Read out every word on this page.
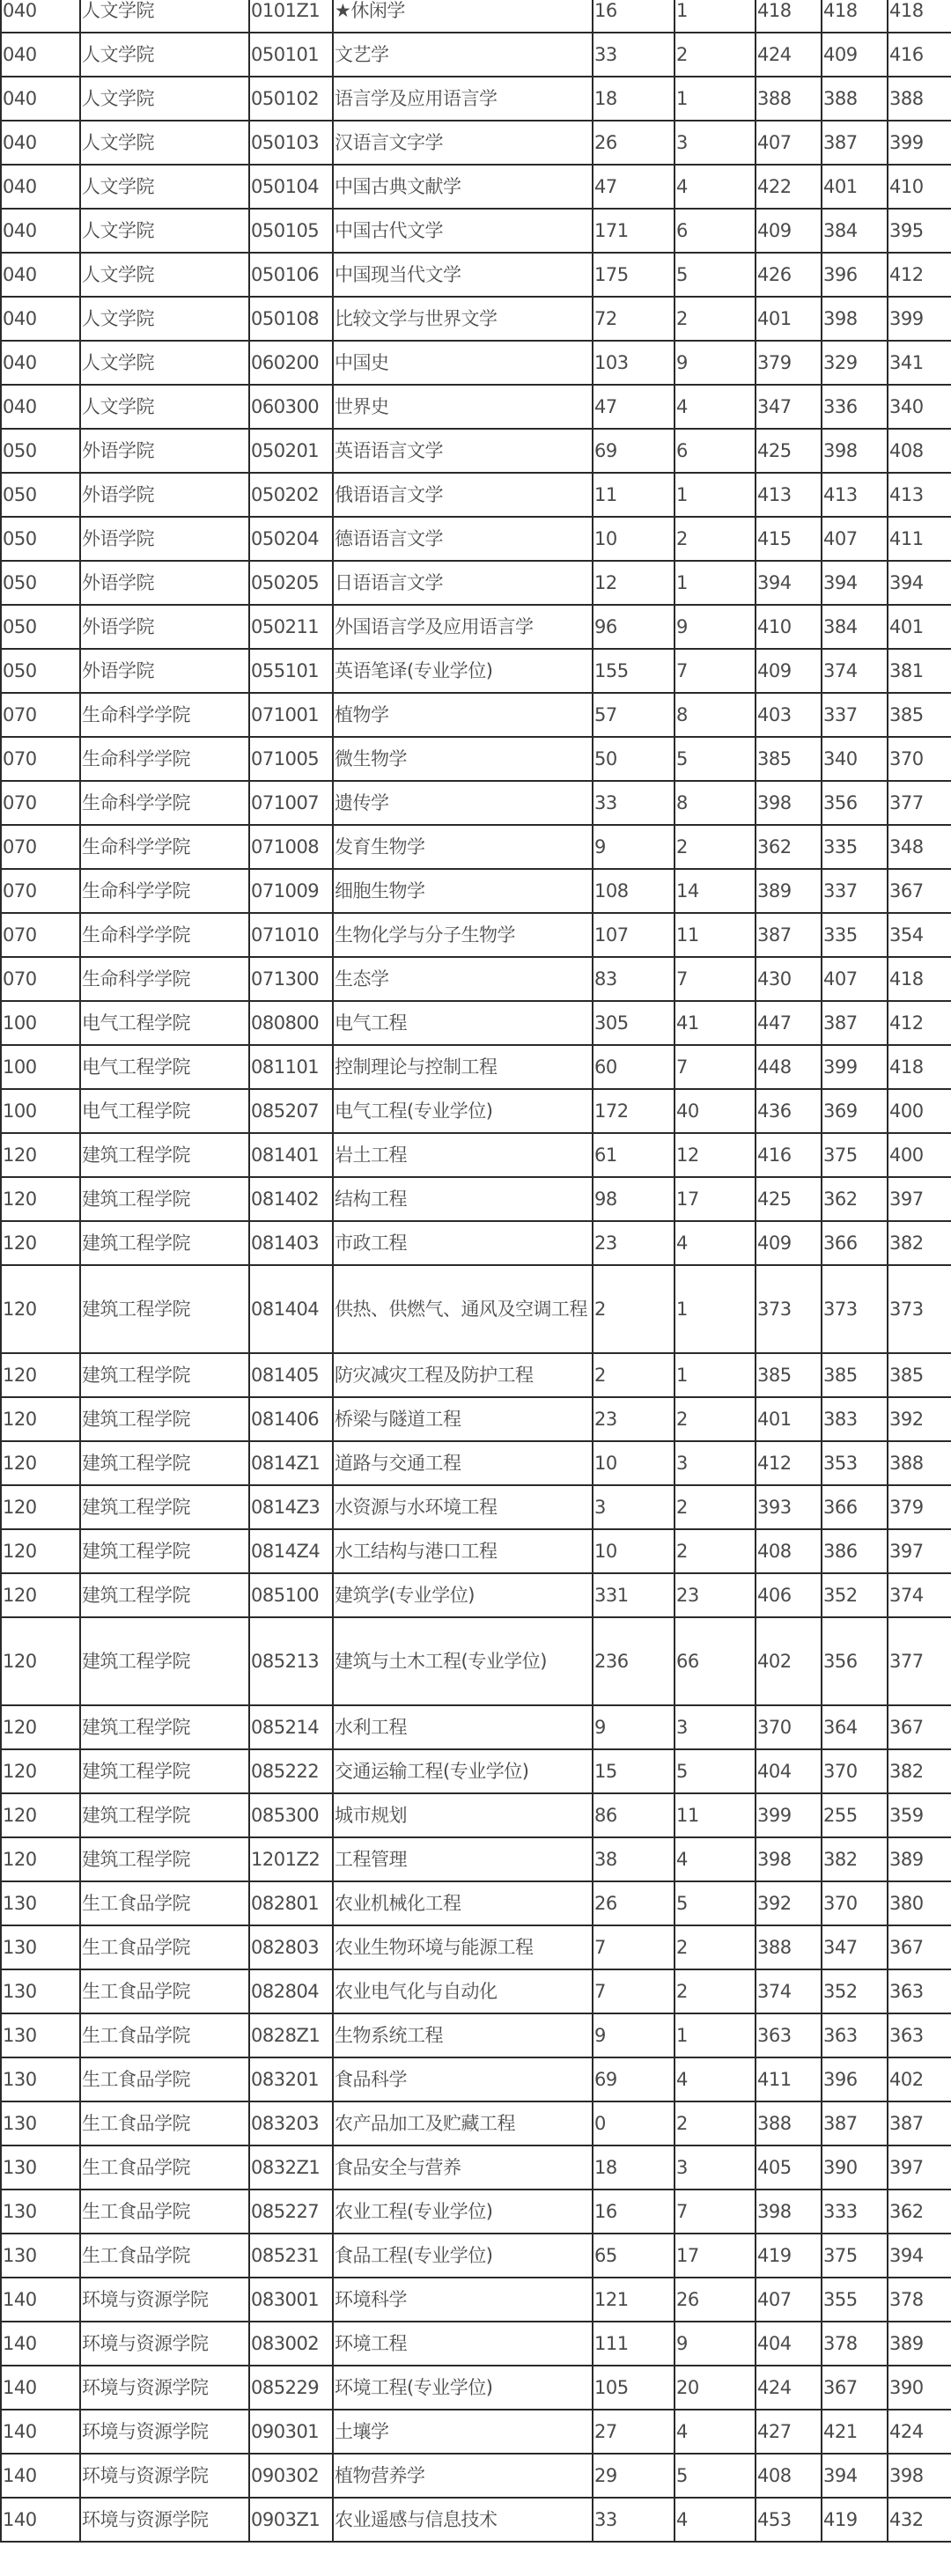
040	人文学院	0101Z1	★休闲学	16	1	418	418	418
040	人文学院	050101	文艺学	33	2	424	409	416
040	人文学院	050102	语言学及应用语言学	18	1	388	388	388
040	人文学院	050103	汉语言文字学	26	3	407	387	399
040	人文学院	050104	中国古典文献学	47	4	422	401	410
040	人文学院	050105	中国古代文学	171	6	409	384	395
040	人文学院	050106	中国现当代文学	175	5	426	396	412
040	人文学院	050108	比较文学与世界文学	72	2	401	398	399
040	人文学院	060200	中国史	103	9	379	329	341
040	人文学院	060300	世界史	47	4	347	336	340
050	外语学院	050201	英语语言文学	69	6	425	398	408
050	外语学院	050202	俄语语言文学	11	1	413	413	413
050	外语学院	050204	德语语言文学	10	2	415	407	411
050	外语学院	050205	日语语言文学	12	1	394	394	394
050	外语学院	050211	外国语言学及应用语言学	96	9	410	384	401
050	外语学院	055101	英语笔译(专业学位)	155	7	409	374	381
070	生命科学学院	071001	植物学	57	8	403	337	385
070	生命科学学院	071005	微生物学	50	5	385	340	370
070	生命科学学院	071007	遗传学	33	8	398	356	377
070	生命科学学院	071008	发育生物学	9	2	362	335	348
070	生命科学学院	071009	细胞生物学	108	14	389	337	367
070	生命科学学院	071010	生物化学与分子生物学	107	11	387	335	354
070	生命科学学院	071300	生态学	83	7	430	407	418
100	电气工程学院	080800	电气工程	305	41	447	387	412
100	电气工程学院	081101	控制理论与控制工程	60	7	448	399	418
100	电气工程学院	085207	电气工程(专业学位)	172	40	436	369	400
120	建筑工程学院	081401	岩土工程	61	12	416	375	400
120	建筑工程学院	081402	结构工程	98	17	425	362	397
120	建筑工程学院	081403	市政工程	23	4	409	366	382
120	建筑工程学院	081404	供热、供燃气、通风及空调工程	2	1	373	373	373
120	建筑工程学院	081405	防灾减灾工程及防护工程	2	1	385	385	385
120	建筑工程学院	081406	桥梁与隧道工程	23	2	401	383	392
120	建筑工程学院	0814Z1	道路与交通工程	10	3	412	353	388
120	建筑工程学院	0814Z3	水资源与水环境工程	3	2	393	366	379
120	建筑工程学院	0814Z4	水工结构与港口工程	10	2	408	386	397
120	建筑工程学院	085100	建筑学(专业学位)	331	23	406	352	374
120	建筑工程学院	085213	建筑与土木工程(专业学位)	236	66	402	356	377
120	建筑工程学院	085214	水利工程	9	3	370	364	367
120	建筑工程学院	085222	交通运输工程(专业学位)	15	5	404	370	382
120	建筑工程学院	085300	城市规划	86	11	399	255	359
120	建筑工程学院	1201Z2	工程管理	38	4	398	382	389
130	生工食品学院	082801	农业机械化工程	26	5	392	370	380
130	生工食品学院	082803	农业生物环境与能源工程	7	2	388	347	367
130	生工食品学院	082804	农业电气化与自动化	7	2	374	352	363
130	生工食品学院	0828Z1	生物系统工程	9	1	363	363	363
130	生工食品学院	083201	食品科学	69	4	411	396	402
130	生工食品学院	083203	农产品加工及贮藏工程	0	2	388	387	387
130	生工食品学院	0832Z1	食品安全与营养	18	3	405	390	397
130	生工食品学院	085227	农业工程(专业学位)	16	7	398	333	362
130	生工食品学院	085231	食品工程(专业学位)	65	17	419	375	394
140	环境与资源学院	083001	环境科学	121	26	407	355	378
140	环境与资源学院	083002	环境工程	111	9	404	378	389
140	环境与资源学院	085229	环境工程(专业学位)	105	20	424	367	390
140	环境与资源学院	090301	土壤学	27	4	427	421	424
140	环境与资源学院	090302	植物营养学	29	5	408	394	398
140	环境与资源学院	0903Z1	农业遥感与信息技术	33	4	453	419	432
